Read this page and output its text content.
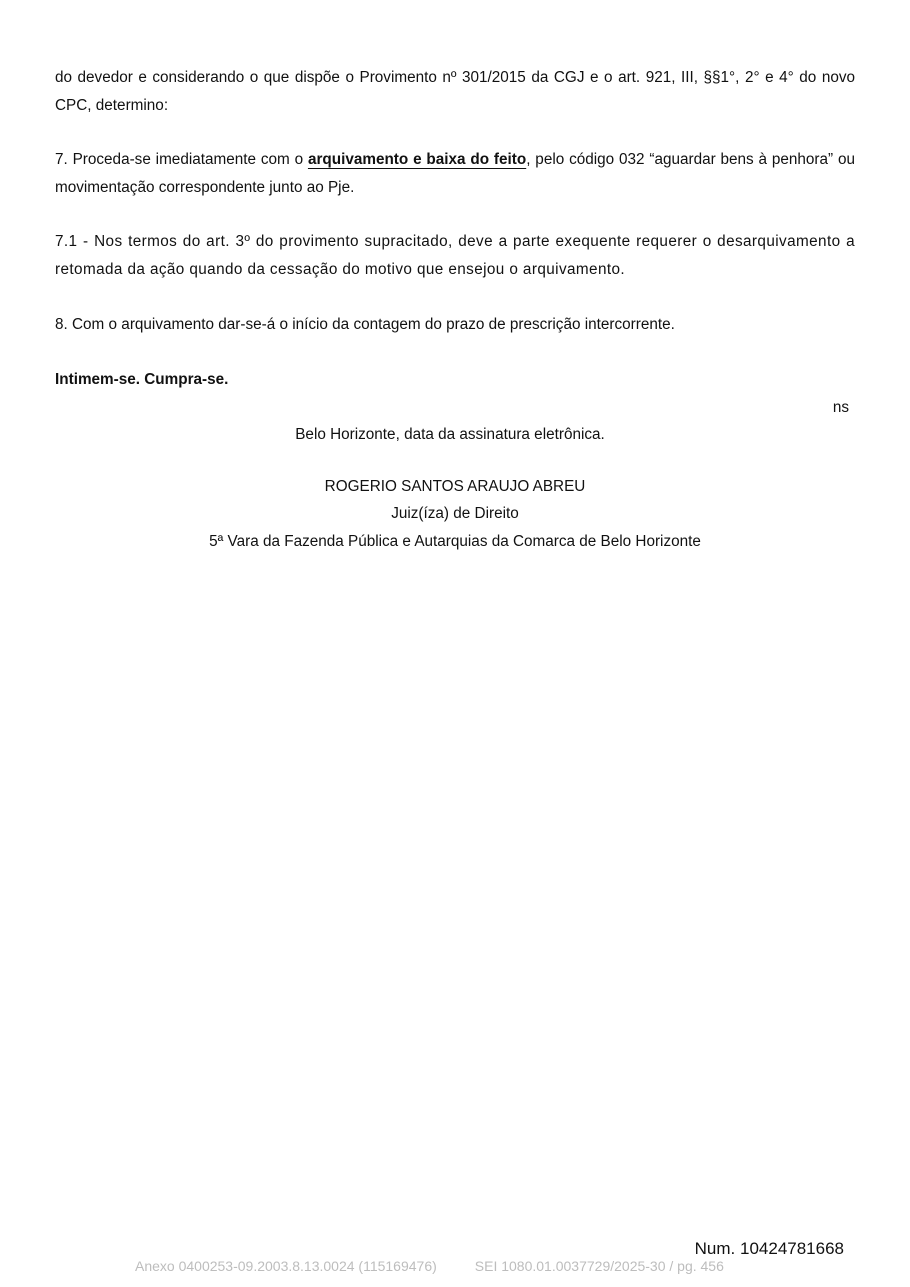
do devedor e considerando o que dispõe o Provimento nº 301/2015 da CGJ e o art. 921, III, §§1°, 2° e 4° do novo CPC, determino:

7. Proceda-se imediatamente com o arquivamento e baixa do feito, pelo código 032 “aguardar bens à penhora” ou movimentação correspondente junto ao Pje.

7.1 - Nos termos do art. 3º do provimento supracitado, deve a parte exequente requerer o desarquivamento a retomada da ação quando da cessação do motivo que ensejou o arquivamento.

8. Com o arquivamento dar-se-á o início da contagem do prazo de prescrição intercorrente.

Intimem-se. Cumpra-se.

ns
Belo Horizonte, data da assinatura eletrônica.
ROGERIO SANTOS ARAUJO ABREU
Juiz(íza) de Direito
5ª Vara da Fazenda Pública e Autarquias da Comarca de Belo Horizonte
Num. 10424781668
Anexo 0400253-09.2003.8.13.0024 (115169476)	SEI 1080.01.0037729/2025-30 / pg. 456
